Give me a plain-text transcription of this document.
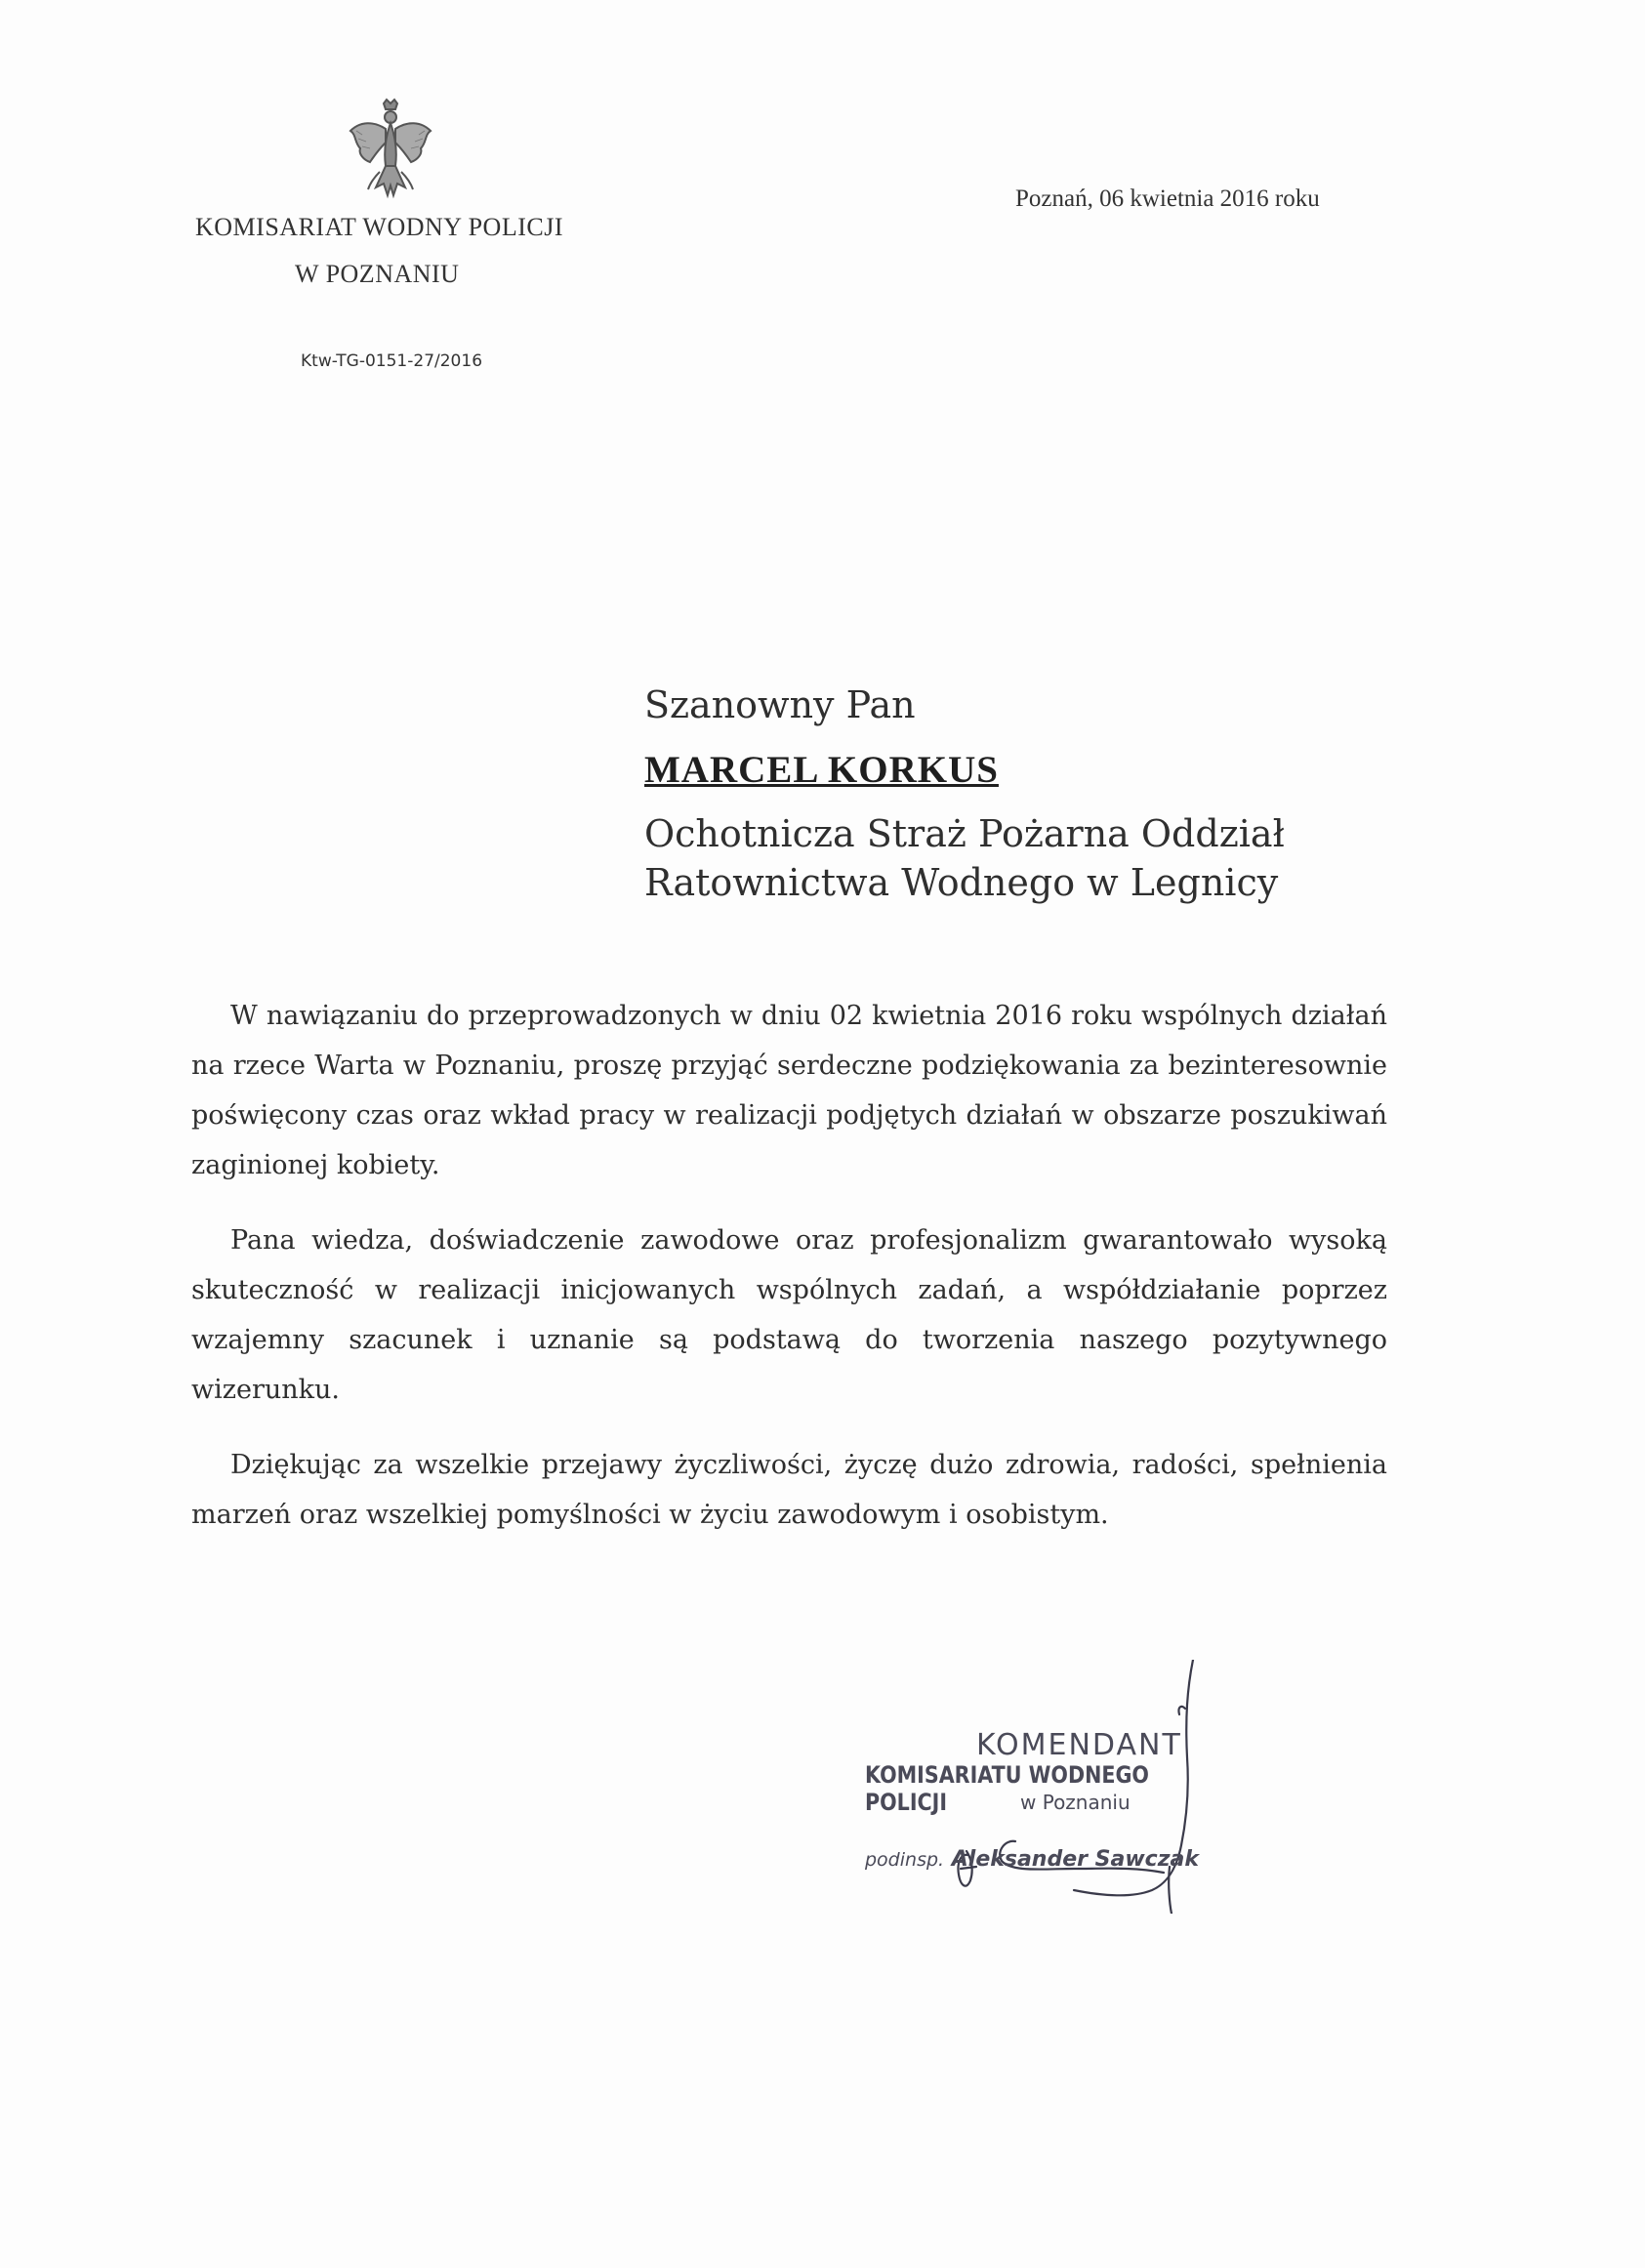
KOMISARIAT WODNY POLICJI
W POZNANIU
Poznań, 06 kwietnia 2016 roku
Ktw-TG-0151-27/2016
Szanowny Pan
MARCEL KORKUS
Ochotnicza Straż Pożarna Oddział
Ratownictwa Wodnego w Legnicy

W nawiązaniu do przeprowadzonych w dniu 02 kwietnia 2016 roku wspólnych działań na rzece Warta w Poznaniu, proszę przyjąć serdeczne podziękowania za bezinteresownie poświęcony czas oraz wkład pracy w realizacji podjętych działań w obszarze poszukiwań zaginionej kobiety.

Pana wiedza, doświadczenie zawodowe oraz profesjonalizm gwarantowało wysoką skuteczność w realizacji inicjowanych wspólnych zadań, a współdziałanie poprzez wzajemny szacunek i uznanie są podstawą do tworzenia naszego pozytywnego wizerunku.

Dziękując za wszelkie przejawy życzliwości, życzę dużo zdrowia, radości, spełnienia marzeń oraz wszelkiej pomyślności w życiu zawodowym i osobistym.

KOMENDANT
KOMISARIATU WODNEGO POLICJI	w Poznaniu
podinsp. Aleksander Sawczak
